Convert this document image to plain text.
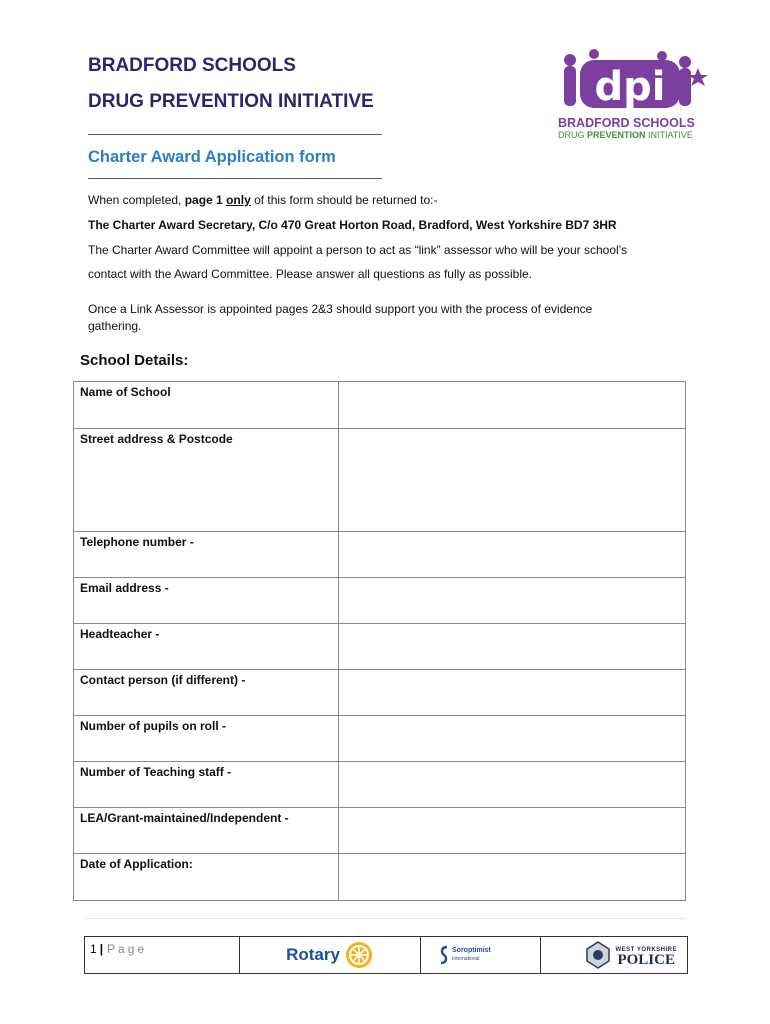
BRADFORD SCHOOLS
DRUG PREVENTION INITIATIVE
Charter Award Application form
dpi
BRADFORD SCHOOLS
DRUG PREVENTION INITIATIVE
When completed, page 1 only of this form should be returned to:-
The Charter Award Secretary, C/o 470 Great Horton Road, Bradford, West Yorkshire BD7 3HR
The Charter Award Committee will appoint a person to act as “link” assessor who will be your school’s
contact with the Award Committee. Please answer all questions as fully as possible.
Once a Link Assessor is appointed pages 2&3 should support you with the process of evidence gathering.
School Details:
Name of School	
Street address & Postcode	
Telephone number -	
Email address -	
Headteacher -	
Contact person (if different) -	
Number of pupils on roll -	
Number of Teaching staff -	
LEA/Grant-maintained/Independent -	
Date of Application:	
1 | Page	Rotary	Soroptimist
International
WEST YORKSHIRE
POLICE
